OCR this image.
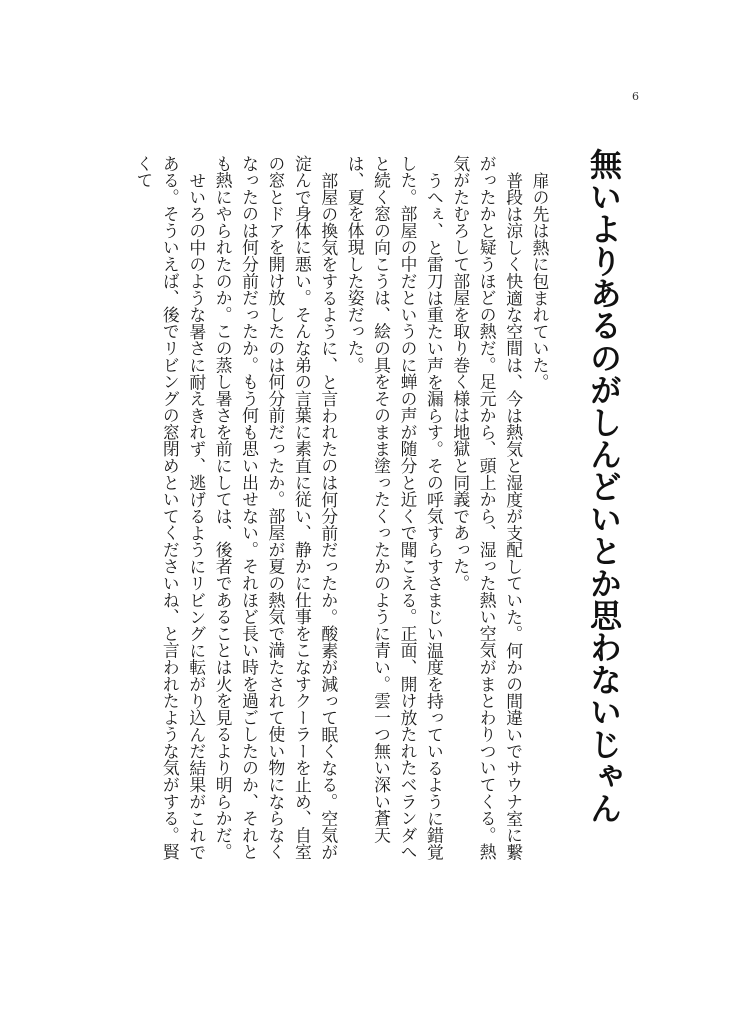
6
無いよりあるのがしんどいとか思わないじゃん

扉の先は熱に包まれていた。

普段は涼しく快適な空間は、今は熱気と湿度が支配していた。何かの間違いでサウナ室に繋がったかと疑うほどの熱だ。足元から、頭上から、湿った熱い空気がまとわりついてくる。熱気がたむろして部屋を取り巻く様は地獄と同義であった。

うへぇ、と雷刀は重たい声を漏らす。その呼気すらすさまじい温度を持っているように錯覚した。部屋の中だというのに蝉の声が随分と近くで聞こえる。正面、開け放たれたベランダへと続く窓の向こうは、絵の具をそのまま塗ったくったかのように青い。雲一つ無い深い蒼天は、夏を体現した姿だった。

部屋の換気をするように、と言われたのは何分前だったか。酸素が減って眠くなる。空気が淀んで身体に悪い。そんな弟の言葉に素直に従い、静かに仕事をこなすクーラーを止め、自室の窓とドアを開け放したのは何分前だったか。部屋が夏の熱気で満たされて使い物にならなくなったのは何分前だったか。もう何も思い出せない。それほど長い時を過ごしたのか、それとも熱にやられたのか。この蒸し暑さを前にしては、後者であることは火を見るより明らかだ。

せいろの中のような暑さに耐えきれず、逃げるようにリビングに転がり込んだ結果がこれである。そういえば、後でリビングの窓閉めといてくださいね、と言われたような気がする。賢くて
